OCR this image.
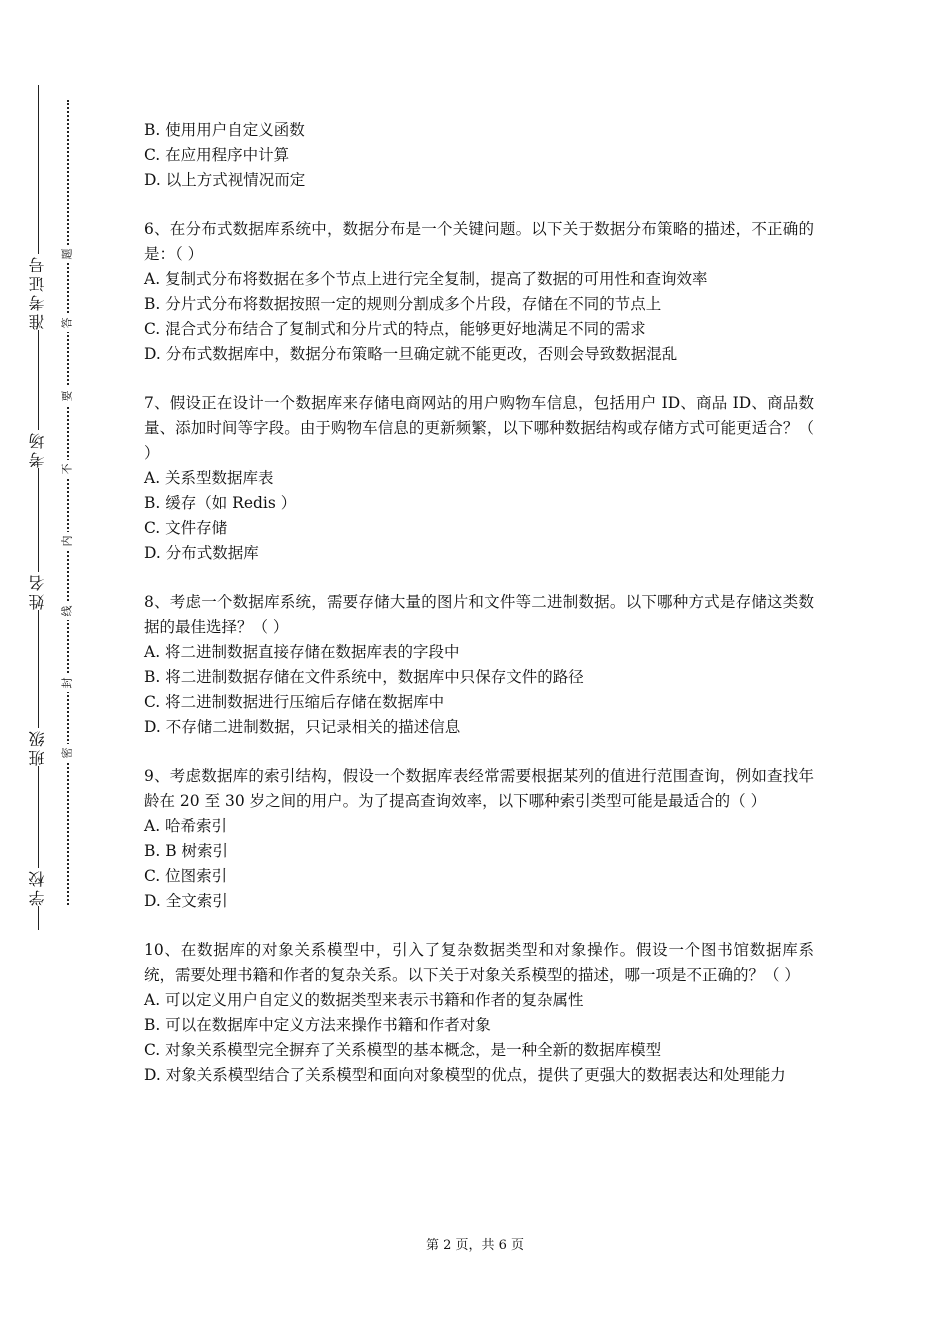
学校
班级
姓名
考场
准考证号
密
封
线
内
不
要
答
题
B. 使用用户自定义函数
C. 在应用程序中计算
D. 以上方式视情况而定
6、在分布式数据库系统中，数据分布是一个关键问题。以下关于数据分布策略的描述，不正确的是：（ ）
A. 复制式分布将数据在多个节点上进行完全复制，提高了数据的可用性和查询效率
B. 分片式分布将数据按照一定的规则分割成多个片段，存储在不同的节点上
C. 混合式分布结合了复制式和分片式的特点，能够更好地满足不同的需求
D. 分布式数据库中，数据分布策略一旦确定就不能更改，否则会导致数据混乱
7、假设正在设计一个数据库来存储电商网站的用户购物车信息，包括用户 ID、商品 ID、商品数量、添加时间等字段。由于购物车信息的更新频繁，以下哪种数据结构或存储方式可能更适合？（ ）
A. 关系型数据库表
B. 缓存（如 Redis ）
C. 文件存储
D. 分布式数据库
8、考虑一个数据库系统，需要存储大量的图片和文件等二进制数据。以下哪种方式是存储这类数据的最佳选择？（ ）
A. 将二进制数据直接存储在数据库表的字段中
B. 将二进制数据存储在文件系统中，数据库中只保存文件的路径
C. 将二进制数据进行压缩后存储在数据库中
D. 不存储二进制数据，只记录相关的描述信息
9、考虑数据库的索引结构，假设一个数据库表经常需要根据某列的值进行范围查询，例如查找年龄在 20 至 30 岁之间的用户。为了提高查询效率，以下哪种索引类型可能是最适合的（ ）
A. 哈希索引
B. B 树索引
C. 位图索引
D. 全文索引
10、在数据库的对象关系模型中，引入了复杂数据类型和对象操作。假设一个图书馆数据库系统，需要处理书籍和作者的复杂关系。以下关于对象关系模型的描述，哪一项是不正确的？（ ）
A. 可以定义用户自定义的数据类型来表示书籍和作者的复杂属性
B. 可以在数据库中定义方法来操作书籍和作者对象
C. 对象关系模型完全摒弃了关系模型的基本概念，是一种全新的数据库模型
D. 对象关系模型结合了关系模型和面向对象模型的优点，提供了更强大的数据表达和处理能力
第 2 页，共 6 页
